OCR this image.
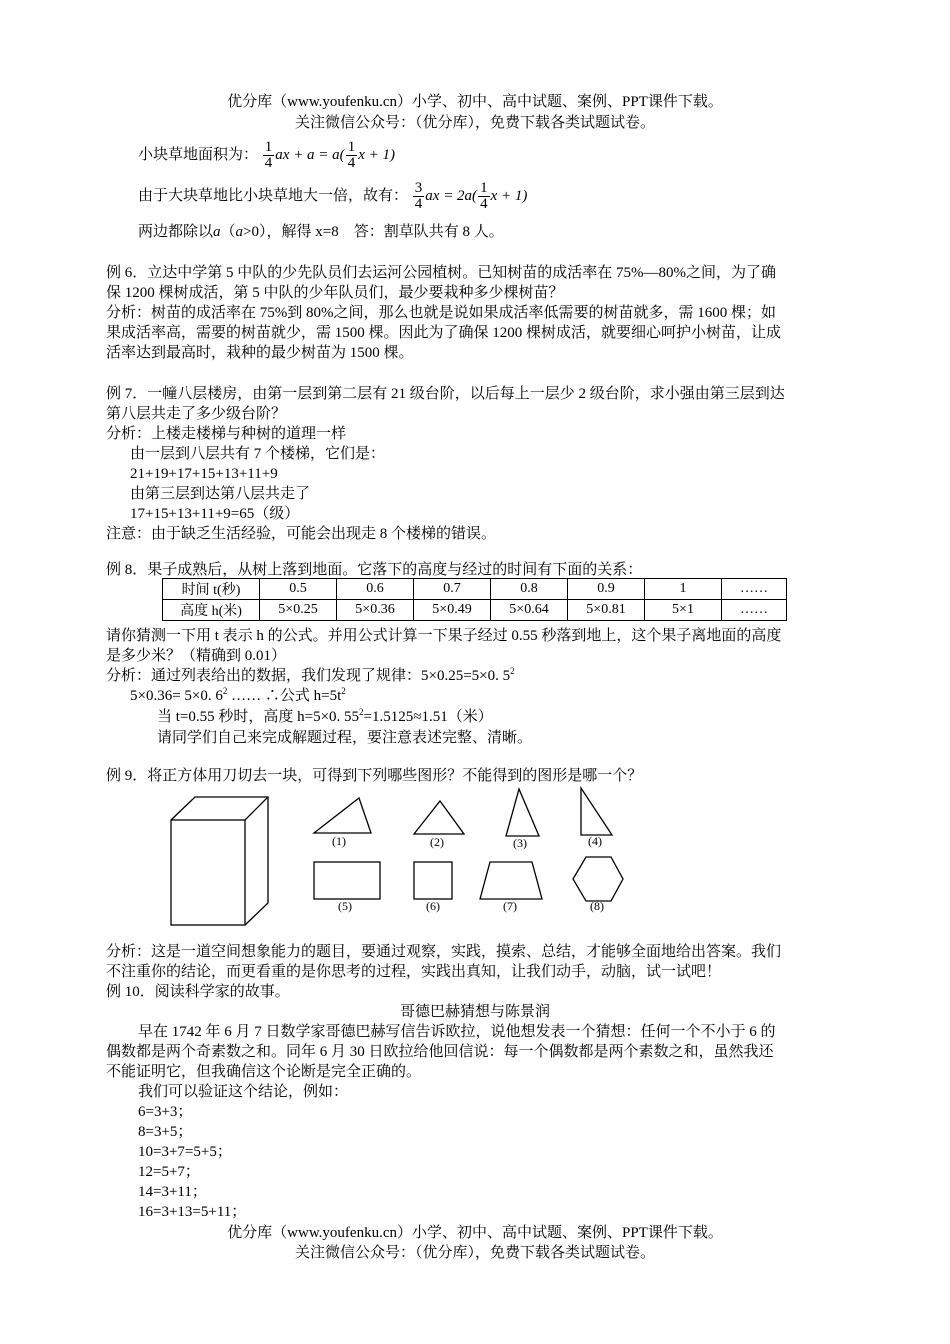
优分库（www.youfenku.cn）小学、初中、高中试题、案例、PPT课件下载。
关注微信公众号：（优分库），免费下载各类试题试卷。
小块草地面积为： $\frac{1}{4}$ ax + $a = a( \frac{1}{4}$ x + 1)
由于大块草地比小块草地大一倍，故有： $\frac{3}{4}$ ax = $2a( \frac{1}{4}$ x + 1)
两边都除以a（a>0），解得 x=8　答：割草队共有 8 人。
例 6．立达中学第 5 中队的少先队员们去运河公园植树。已知树苗的成活率在 75%—80%之间，为了确
保 1200 棵树成活，第 5 中队的少年队员们，最少要栽种多少棵树苗？
分析：树苗的成活率在 75%到 80%之间，那么也就是说如果成活率低需要的树苗就多，需 1600 棵；如
果成活率高，需要的树苗就少，需 1500 棵。因此为了确保 1200 棵树成活，就要细心呵护小树苗，让成
活率达到最高时，栽种的最少树苗为 1500 棵。
例 7．一幢八层楼房，由第一层到第二层有 21 级台阶，以后每上一层少 2 级台阶，求小强由第三层到达
第八层共走了多少级台阶？
分析：上楼走楼梯与种树的道理一样
由一层到八层共有 7 个楼梯，它们是：
21+19+17+15+13+11+9
由第三层到达第八层共走了
17+15+13+11+9=65（级）
注意：由于缺乏生活经验，可能会出现走 8 个楼梯的错误。
例 8．果子成熟后，从树上落到地面。它落下的高度与经过的时间有下面的关系：
时间 t(秒)	0.5	0.6	0.7	0.8	0.9	1	……
高度 h(米)	5×0.25	5×0.36	5×0.49	5×0.64	5×0.81	5×1	……
请你猜测一下用 t 表示 h 的公式。并用公式计算一下果子经过 0.55 秒落到地上，这个果子离地面的高度
是多少米？（精确到 0.01）
分析：通过列表给出的数据，我们发现了规律：5×0.25=5×0. $5^2$
5×0.36= 5×0. $6^2$ …… ∴公式 $h=5t^2$
当 t=0.55 秒时，高度 h=5×0. $55^2=1.5125\approx 1.51$（米）
请同学们自己来完成解题过程，要注意表述完整、清晰。
例 9．将正方体用刀切去一块，可得到下列哪些图形？不能得到的图形是哪一个？
(1)	(2)	(3)	(4)
(5)	(6)	(7)	(8)
分析：这是一道空间想象能力的题目，要通过观察，实践，摸索、总结，才能够全面地给出答案。我们
不注重你的结论，而更看重的是你思考的过程，实践出真知，让我们动手，动脑，试一试吧！
例 10．阅读科学家的故事。
哥德巴赫猜想与陈景润
早在 1742 年 6 月 7 日数学家哥德巴赫写信告诉欧拉，说他想发表一个猜想：任何一个不小于 6 的
偶数都是两个奇素数之和。同年 6 月 30 日欧拉给他回信说：每一个偶数都是两个素数之和，虽然我还
不能证明它，但我确信这个论断是完全正确的。
我们可以验证这个结论，例如：
6=3+3；
8=3+5；
10=3+7=5+5；
12=5+7；
14=3+11；
16=3+13=5+11；
优分库（www.youfenku.cn）小学、初中、高中试题、案例、PPT课件下载。
关注微信公众号：（优分库），免费下载各类试题试卷。
